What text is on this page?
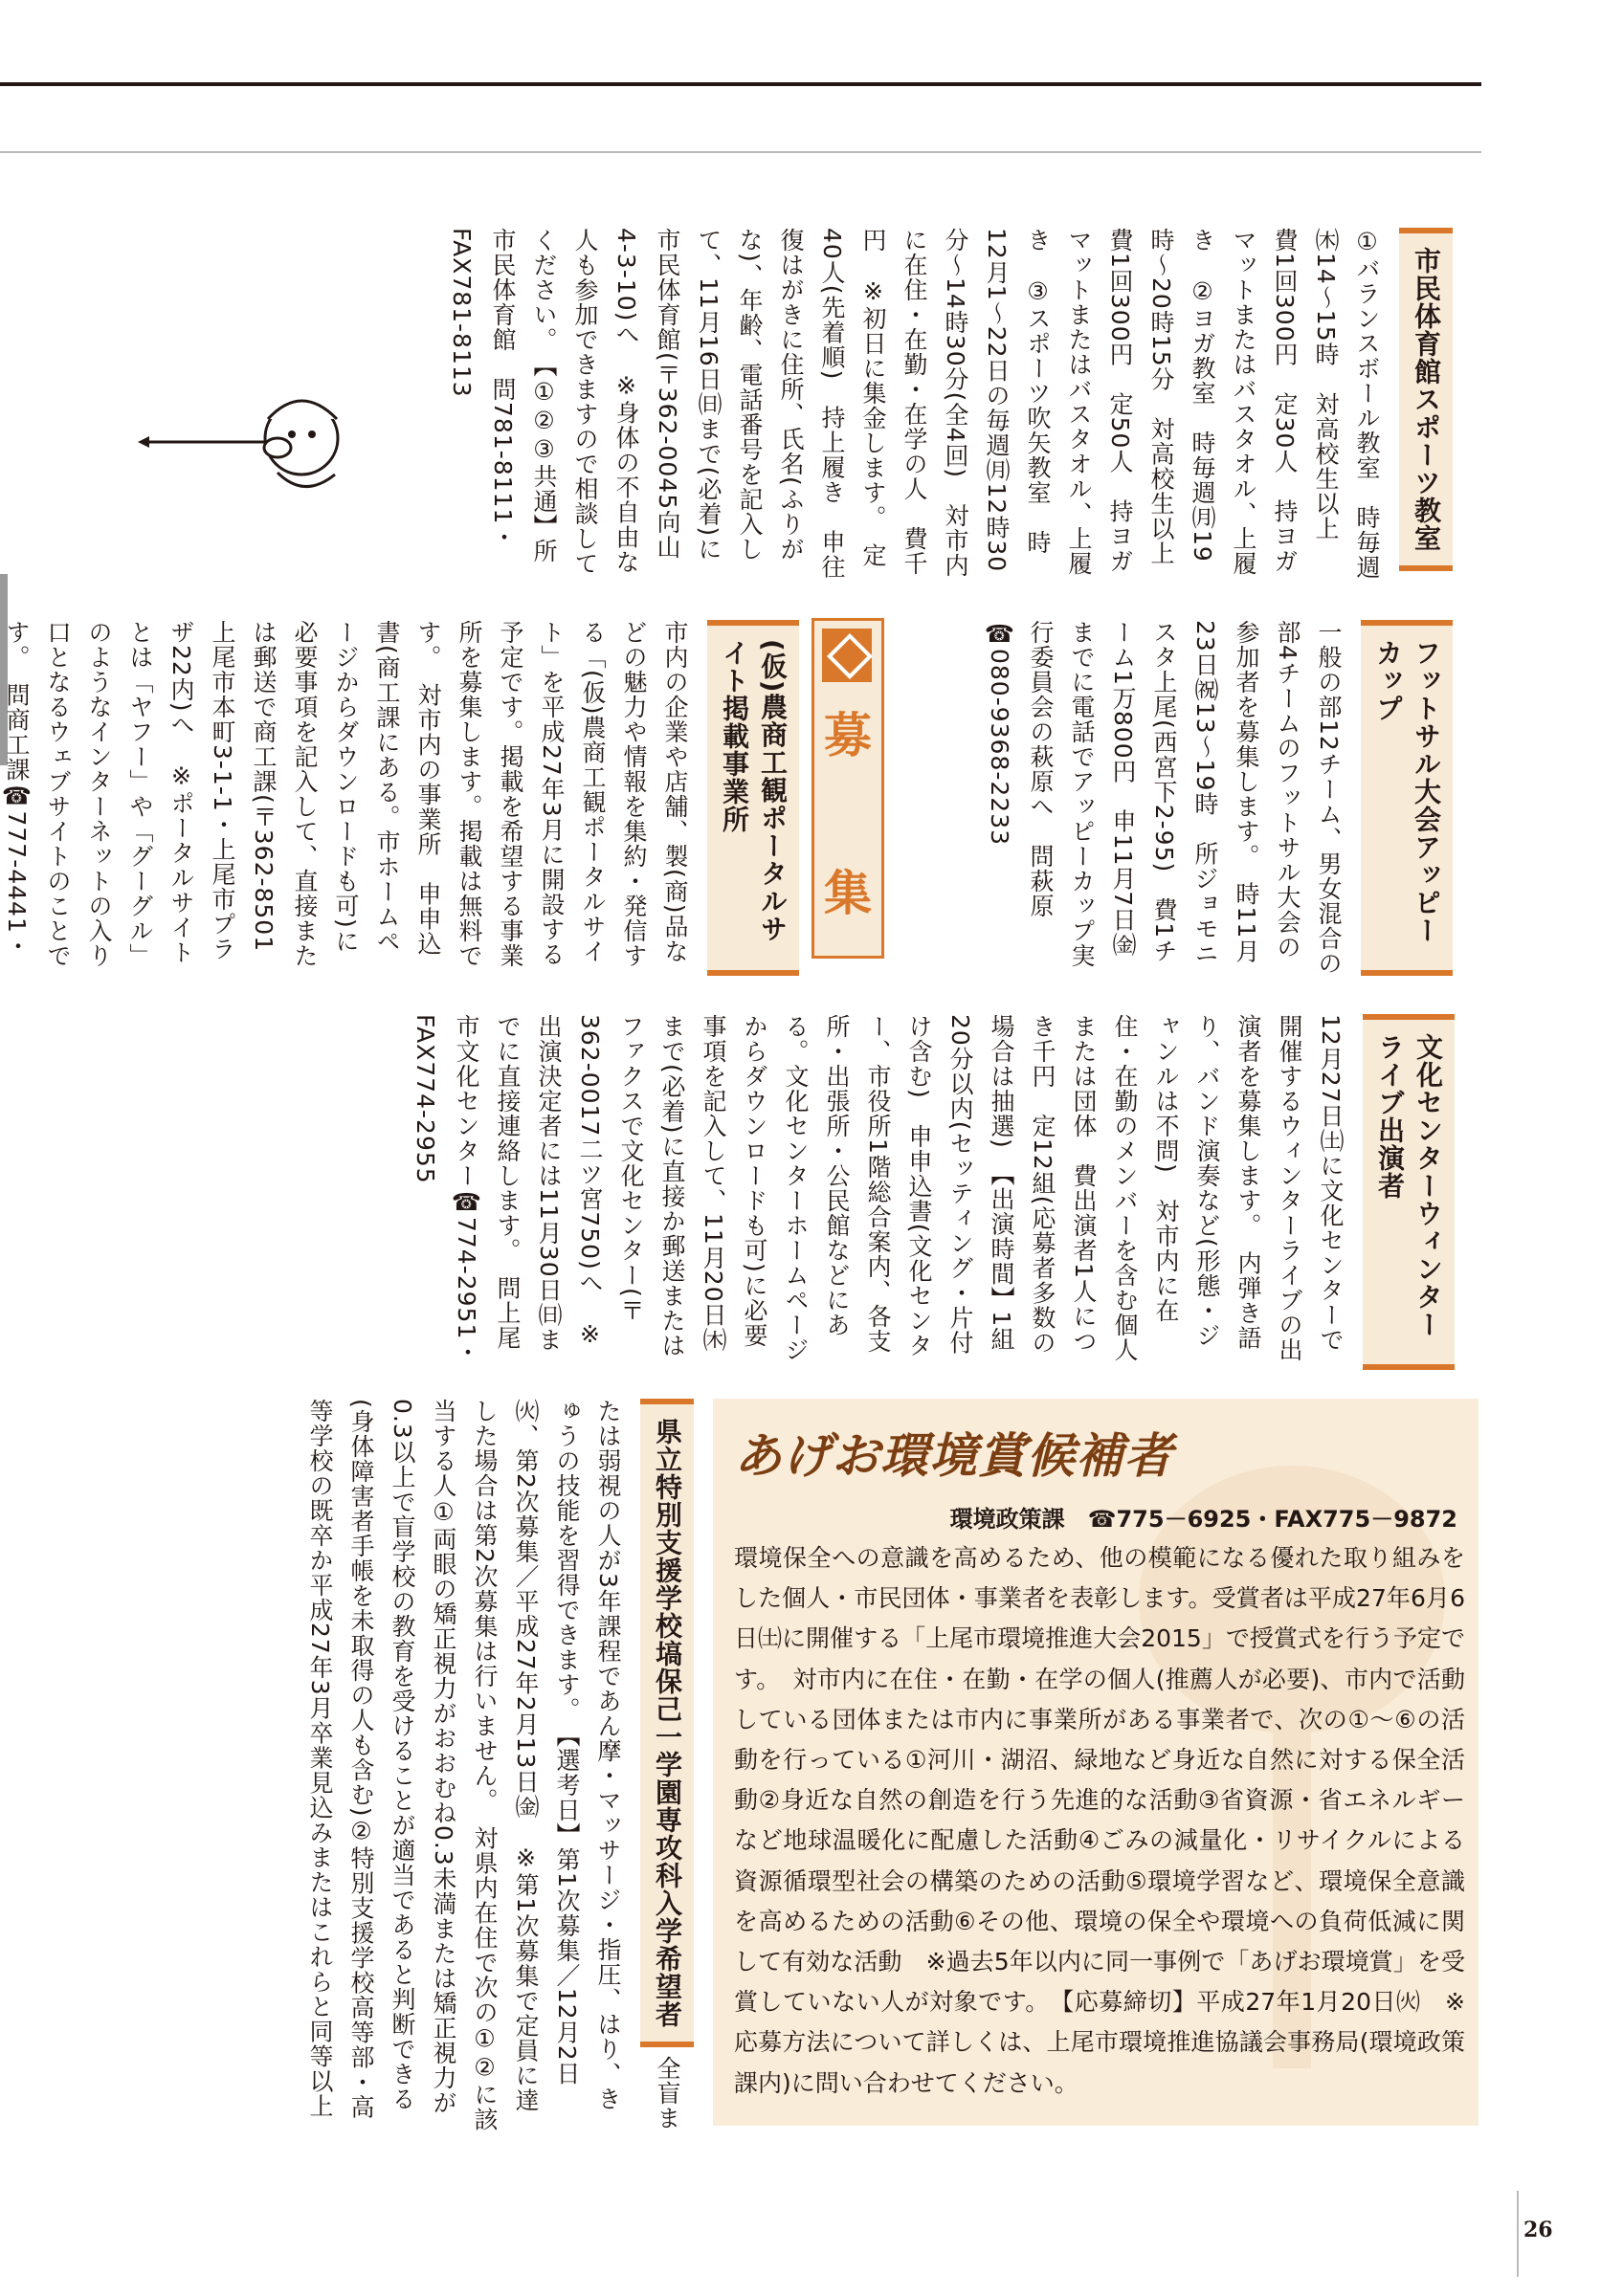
市民体育館スポーツ教室 ①バランスボール教室　時毎週㈭14～15時　対高校生以上　費1回300円　定30人　持ヨガマットまたはバスタオル、上履き　②ヨガ教室　時毎週㈪19時～20時15分　対高校生以上　費1回300円　定50人　持ヨガマットまたはバスタオル、上履き　③スポーツ吹矢教室　時12月1～22日の毎週㈪12時30分～14時30分(全4回)　対市内に在住・在勤・在学の人　費千円　※初日に集金します。　定40人(先着順)　持上履き　申往復はがきに住所、氏名(ふりがな)、年齢、電話番号を記入して、11月16日㈰まで(必着)に市民体育館(〒362‐0045向山4‐3‐10)へ　※身体の不自由な人も参加できますので相談してください。　【①②③共通】所市民体育館　問781‐8111・FAX781‐8113
フットサル大会アッピーカップ 一般の部12チーム、男女混合の部4チームのフットサル大会の参加者を募集します。　時11月23日㈷13～19時　所ジョモニスタ上尾(西宮下2‐95)　費1チーム1万800円　申11月7日㈮までに電話でアッピーカップ実行委員会の萩原へ　問萩原☎080‐9368‐2233
募
集
(仮)農商工観ポータルサイト掲載事業所 市内の企業や店舗、製(商)品などの魅力や情報を集約・発信する「(仮)農商工観ポータルサイト」を平成27年3月に開設する予定です。掲載を希望する事業所を募集します。掲載は無料です。　対市内の事業所　申申込書(商工課にある。市ホームページからダウンロードも可)に必要事項を記入して、直接または郵送で商工課(〒362‐8501上尾市本町3‐1‐1・上尾市プラザ22内)へ　※ポータルサイトとは「ヤフー」や「グーグル」のようなインターネットの入り口となるウェブサイトのことです。　問商工課☎777‐4441・
文化センターウィンターライブ出演者 12月27日㈯に文化センターで開催するウィンターライブの出演者を募集します。　内弾き語り、バンド演奏など(形態・ジャンルは不問)　対市内に在住・在勤のメンバーを含む個人または団体　費出演者1人につき千円　定12組(応募者多数の場合は抽選)　【出演時間】1組20分以内(セッティング・片付け含む)　申申込書(文化センター、市役所1階総合案内、各支所・出張所・公民館などにある。文化センターホームページからダウンロードも可)に必要事項を記入して、11月20日㈭まで(必着)に直接か郵送またはファクスで文化センター(〒362‐0017二ツ宮750)へ　※出演決定者には11月30日㈰までに直接連絡します。　問上尾市文化センター☎774‐2951・FAX774‐2955
県立特別支援学校塙保己一学園専攻科入学希望者 全盲または弱視の人が3年課程であん摩・マッサージ・指圧、はり、きゅうの技能を習得できます。　【選考日】第1次募集／12月2日㈫、第2次募集／平成27年2月13日㈮　※第1次募集で定員に達した場合は第2次募集は行いません。　対県内在住で次の①②に該当する人①両眼の矯正視力がおおむね0.3未満または矯正視力が0.3以上で盲学校の教育を受けることが適当であると判断できる(身体障害者手帳を未取得の人も含む)②特別支援学校高等部・高等学校の既卒か平成27年3月卒業見込みまたはこれらと同等以上	あげお環境賞候補者
環境政策課　☎775－6925・FAX775－9872
環境保全への意識を高めるため、他の模範になる優れた取り組みをした個人・市民団体・事業者を表彰します。受賞者は平成27年6月6日㈯に開催する「上尾市環境推進大会2015」で授賞式を行う予定です。　対市内に在住・在勤・在学の個人(推薦人が必要)、市内で活動している団体または市内に事業所がある事業者で、次の①～⑥の活動を行っている①河川・湖沼、緑地など身近な自然に対する保全活動②身近な自然の創造を行う先進的な活動③省資源・省エネルギーなど地球温暖化に配慮した活動④ごみの減量化・リサイクルによる資源循環型社会の構築のための活動⑤環境学習など、環境保全意識を高めるための活動⑥その他、環境の保全や環境への負荷低減に関して有効な活動　※過去5年以内に同一事例で「あげお環境賞」を受賞していない人が対象です。　【応募締切】平成27年1月20日㈫　※応募方法について詳しくは、上尾市環境推進協議会事務局(環境政策課内)に問い合わせてください。
26
